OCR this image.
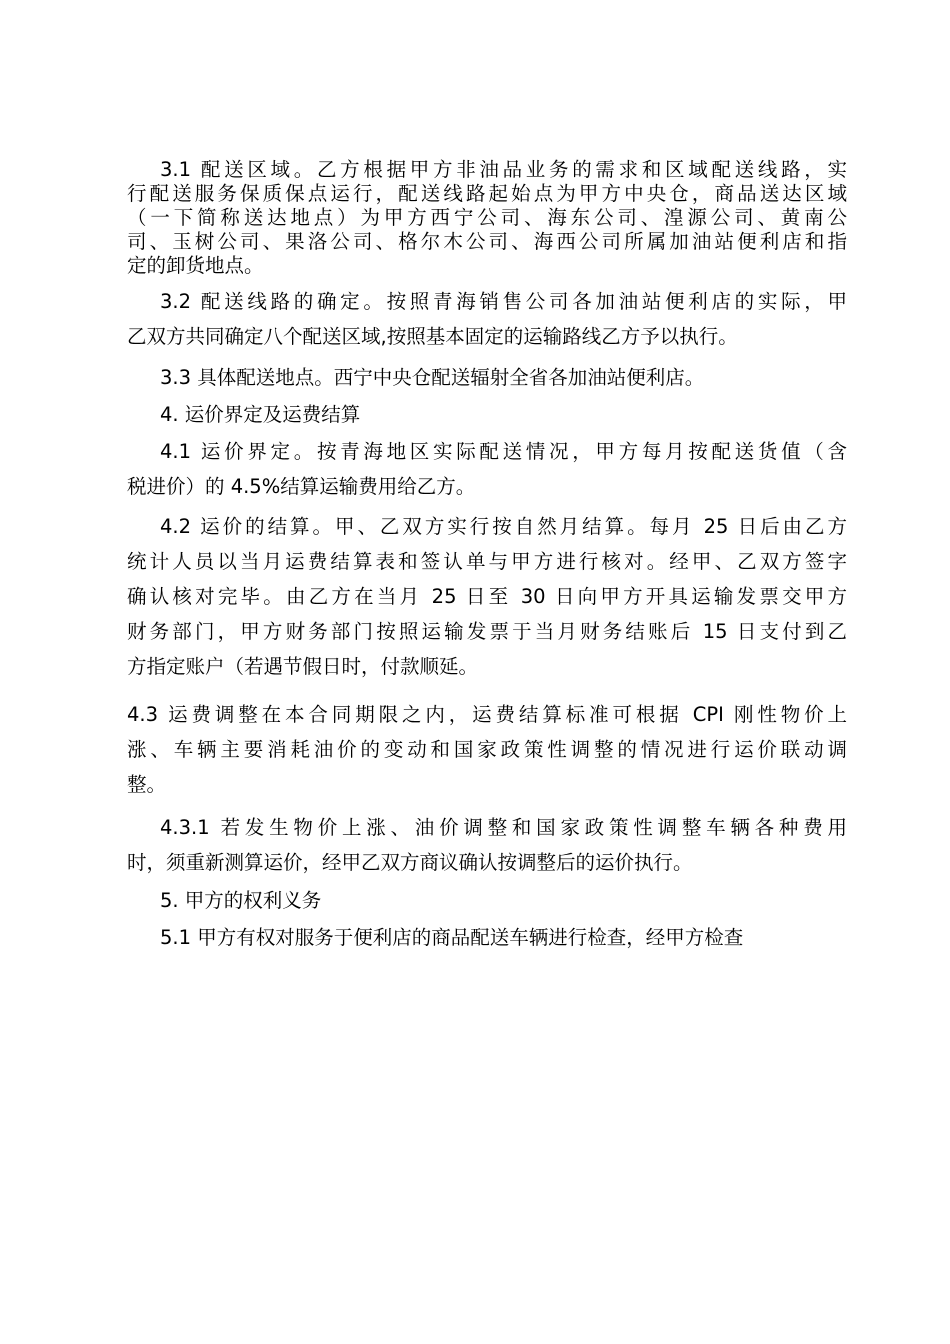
3.1 配送区域。乙方根据甲方非油品业务的需求和区域配送线路，实
行配送服务保质保点运行，配送线路起始点为甲方中央仓，商品送达区域
（一下简称送达地点）为甲方西宁公司、海东公司、湟源公司、黄南公
司、玉树公司、果洛公司、格尔木公司、海西公司所属加油站便利店和指
定的卸货地点。
3.2 配送线路的确定。按照青海销售公司各加油站便利店的实际，甲
乙双方共同确定八个配送区域,按照基本固定的运输路线乙方予以执行。
3.3 具体配送地点。西宁中央仓配送辐射全省各加油站便利店。
4. 运价界定及运费结算
4.1 运价界定。按青海地区实际配送情况，甲方每月按配送货值（含
税进价）的 4.5%结算运输费用给乙方。
4.2 运价的结算。甲、乙双方实行按自然月结算。每月 25 日后由乙方
统计人员以当月运费结算表和签认单与甲方进行核对。经甲、乙双方签字
确认核对完毕。由乙方在当月 25 日至 30 日向甲方开具运输发票交甲方
财务部门，甲方财务部门按照运输发票于当月财务结账后 15 日支付到乙
方指定账户（若遇节假日时，付款顺延。
4.3 运费调整在本合同期限之内，运费结算标准可根据 CPI 刚性物价上
涨、车辆主要消耗油价的变动和国家政策性调整的情况进行运价联动调
整。
4.3.1 若发生物价上涨、油价调整和国家政策性调整车辆各种费用
时，须重新测算运价，经甲乙双方商议确认按调整后的运价执行。
5. 甲方的权利义务
5.1 甲方有权对服务于便利店的商品配送车辆进行检查，经甲方检查
